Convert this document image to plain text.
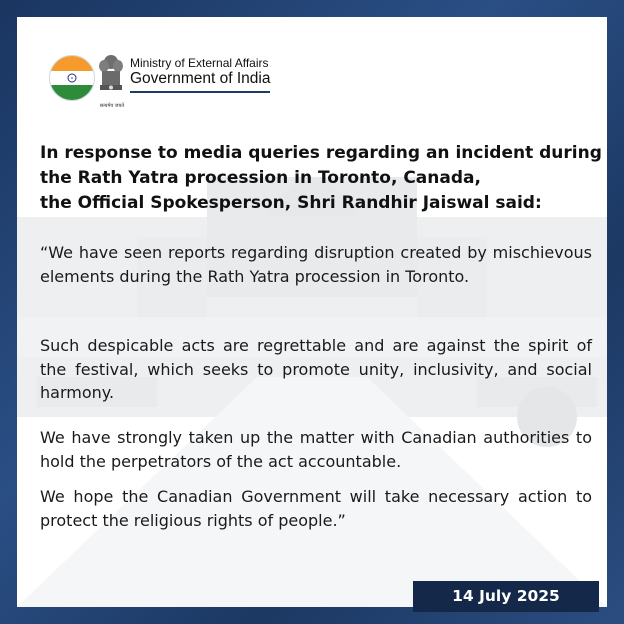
सत्यमेव जयते
Ministry of External Affairs
Government of India
In response to media queries regarding an incident during
the Rath Yatra procession in Toronto, Canada,
the Official Spokesperson, Shri Randhir Jaiswal said:
“We have seen reports regarding disruption created by mischievous elements during the Rath Yatra procession in Toronto.
Such despicable acts are regrettable and are against the spirit of the festival, which seeks to promote unity, inclusivity, and social harmony.
We have strongly taken up the matter with Canadian authorities to hold the perpetrators of the act accountable.
We hope the Canadian Government will take necessary action to protect the religious rights of people.”
14 July 2025
